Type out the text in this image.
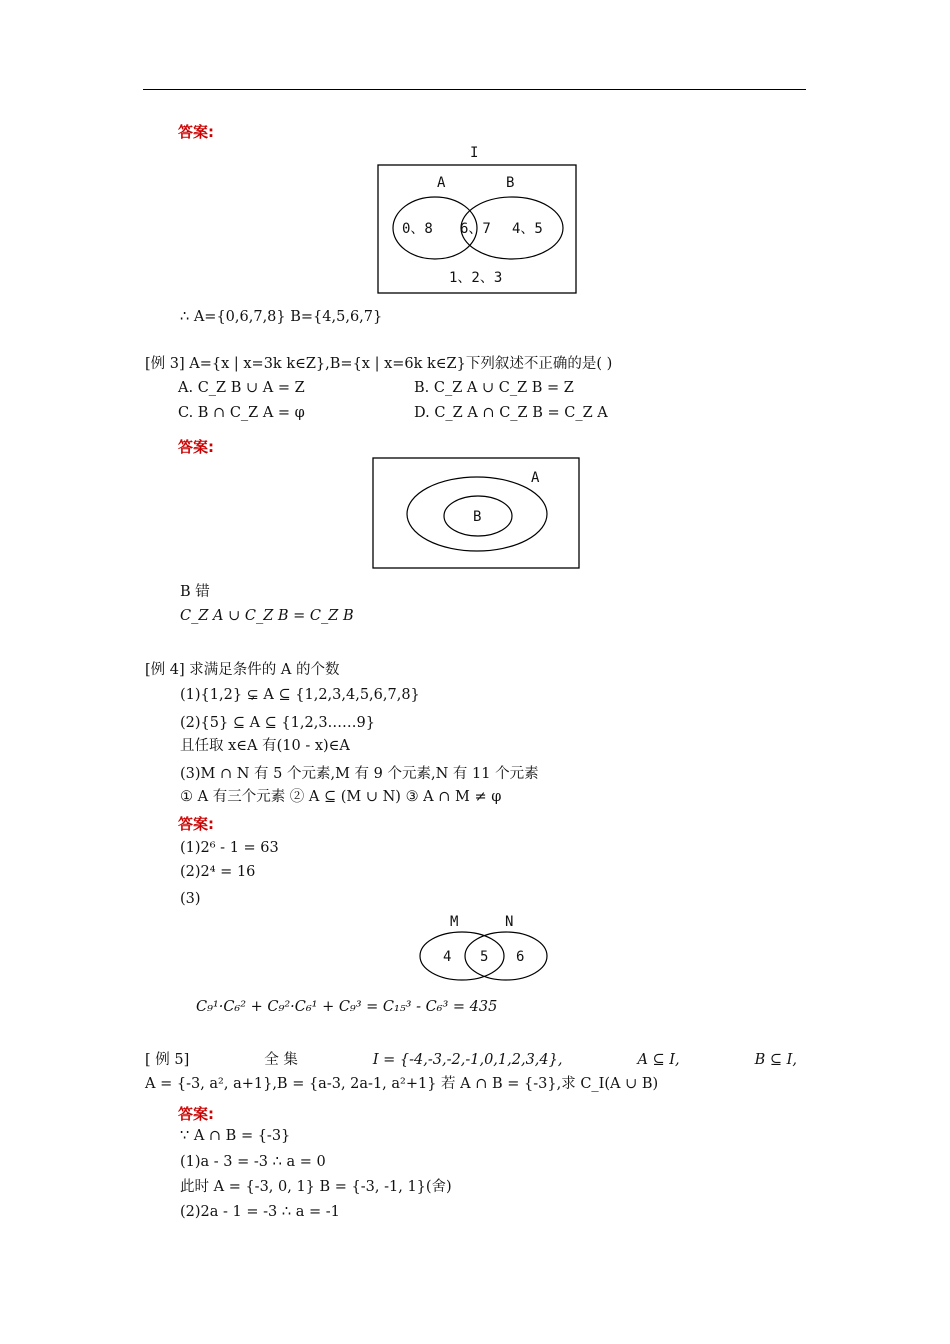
答案:
I
A	B
0、8 6、7 4、5
1、2、3
∴ A={0,6,7,8} B={4,5,6,7}
[例 3] A={x | x=3k k∈Z},B={x | x=6k k∈Z}下列叙述不正确的是( )
A. C_Z B ∪ A = Z	B. C_Z A ∪ C_Z B = Z
C. B ∩ C_Z A = φ	D. C_Z A ∩ C_Z B = C_Z A
答案:
A
B
B 错
C_Z A ∪ C_Z B = C_Z B
[例 4] 求满足条件的 A 的个数
(1){1,2} ⊊ A ⊆ {1,2,3,4,5,6,7,8}
(2){5} ⊆ A ⊆ {1,2,3……9}
且任取 x∈A 有(10 - x)∈A
(3)M ∩ N 有 5 个元素,M 有 9 个元素,N 有 11 个元素
① A 有三个元素 ② A ⊆ (M ∪ N) ③ A ∩ M ≠ φ
答案:
(1)2⁶ - 1 = 63
(2)2⁴ = 16
(3)
M	N
4 5 6
C₉¹·C₆² + C₉²·C₆¹ + C₉³ = C₁₅³ - C₆³ = 435
[ 例 5]	全 集	I = {-4,-3,-2,-1,0,1,2,3,4},	A ⊆ I,	B ⊆ I,
A = {-3, a², a+1},B = {a-3, 2a-1, a²+1} 若 A ∩ B = {-3},求 C_I(A ∪ B)
答案:
∵ A ∩ B = {-3}
(1)a - 3 = -3 ∴ a = 0
此时 A = {-3, 0, 1} B = {-3, -1, 1}(舍)
(2)2a - 1 = -3 ∴ a = -1
